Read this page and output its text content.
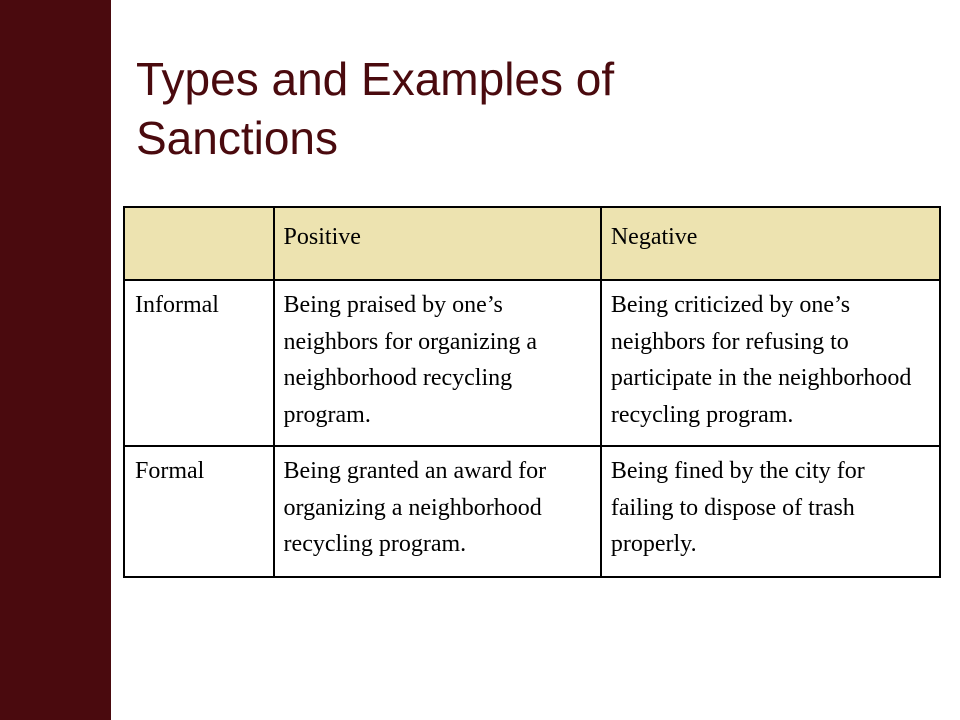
Types and Examples of
Sanctions
	Positive	Negative
Informal	Being praised by one’s neighbors for organizing a neighborhood recycling program.	Being criticized by one’s neighbors for refusing to participate in the neighborhood recycling program.
Formal	Being granted an award for organizing a neighborhood recycling program.	Being fined by the city for failing to dispose of trash properly.
